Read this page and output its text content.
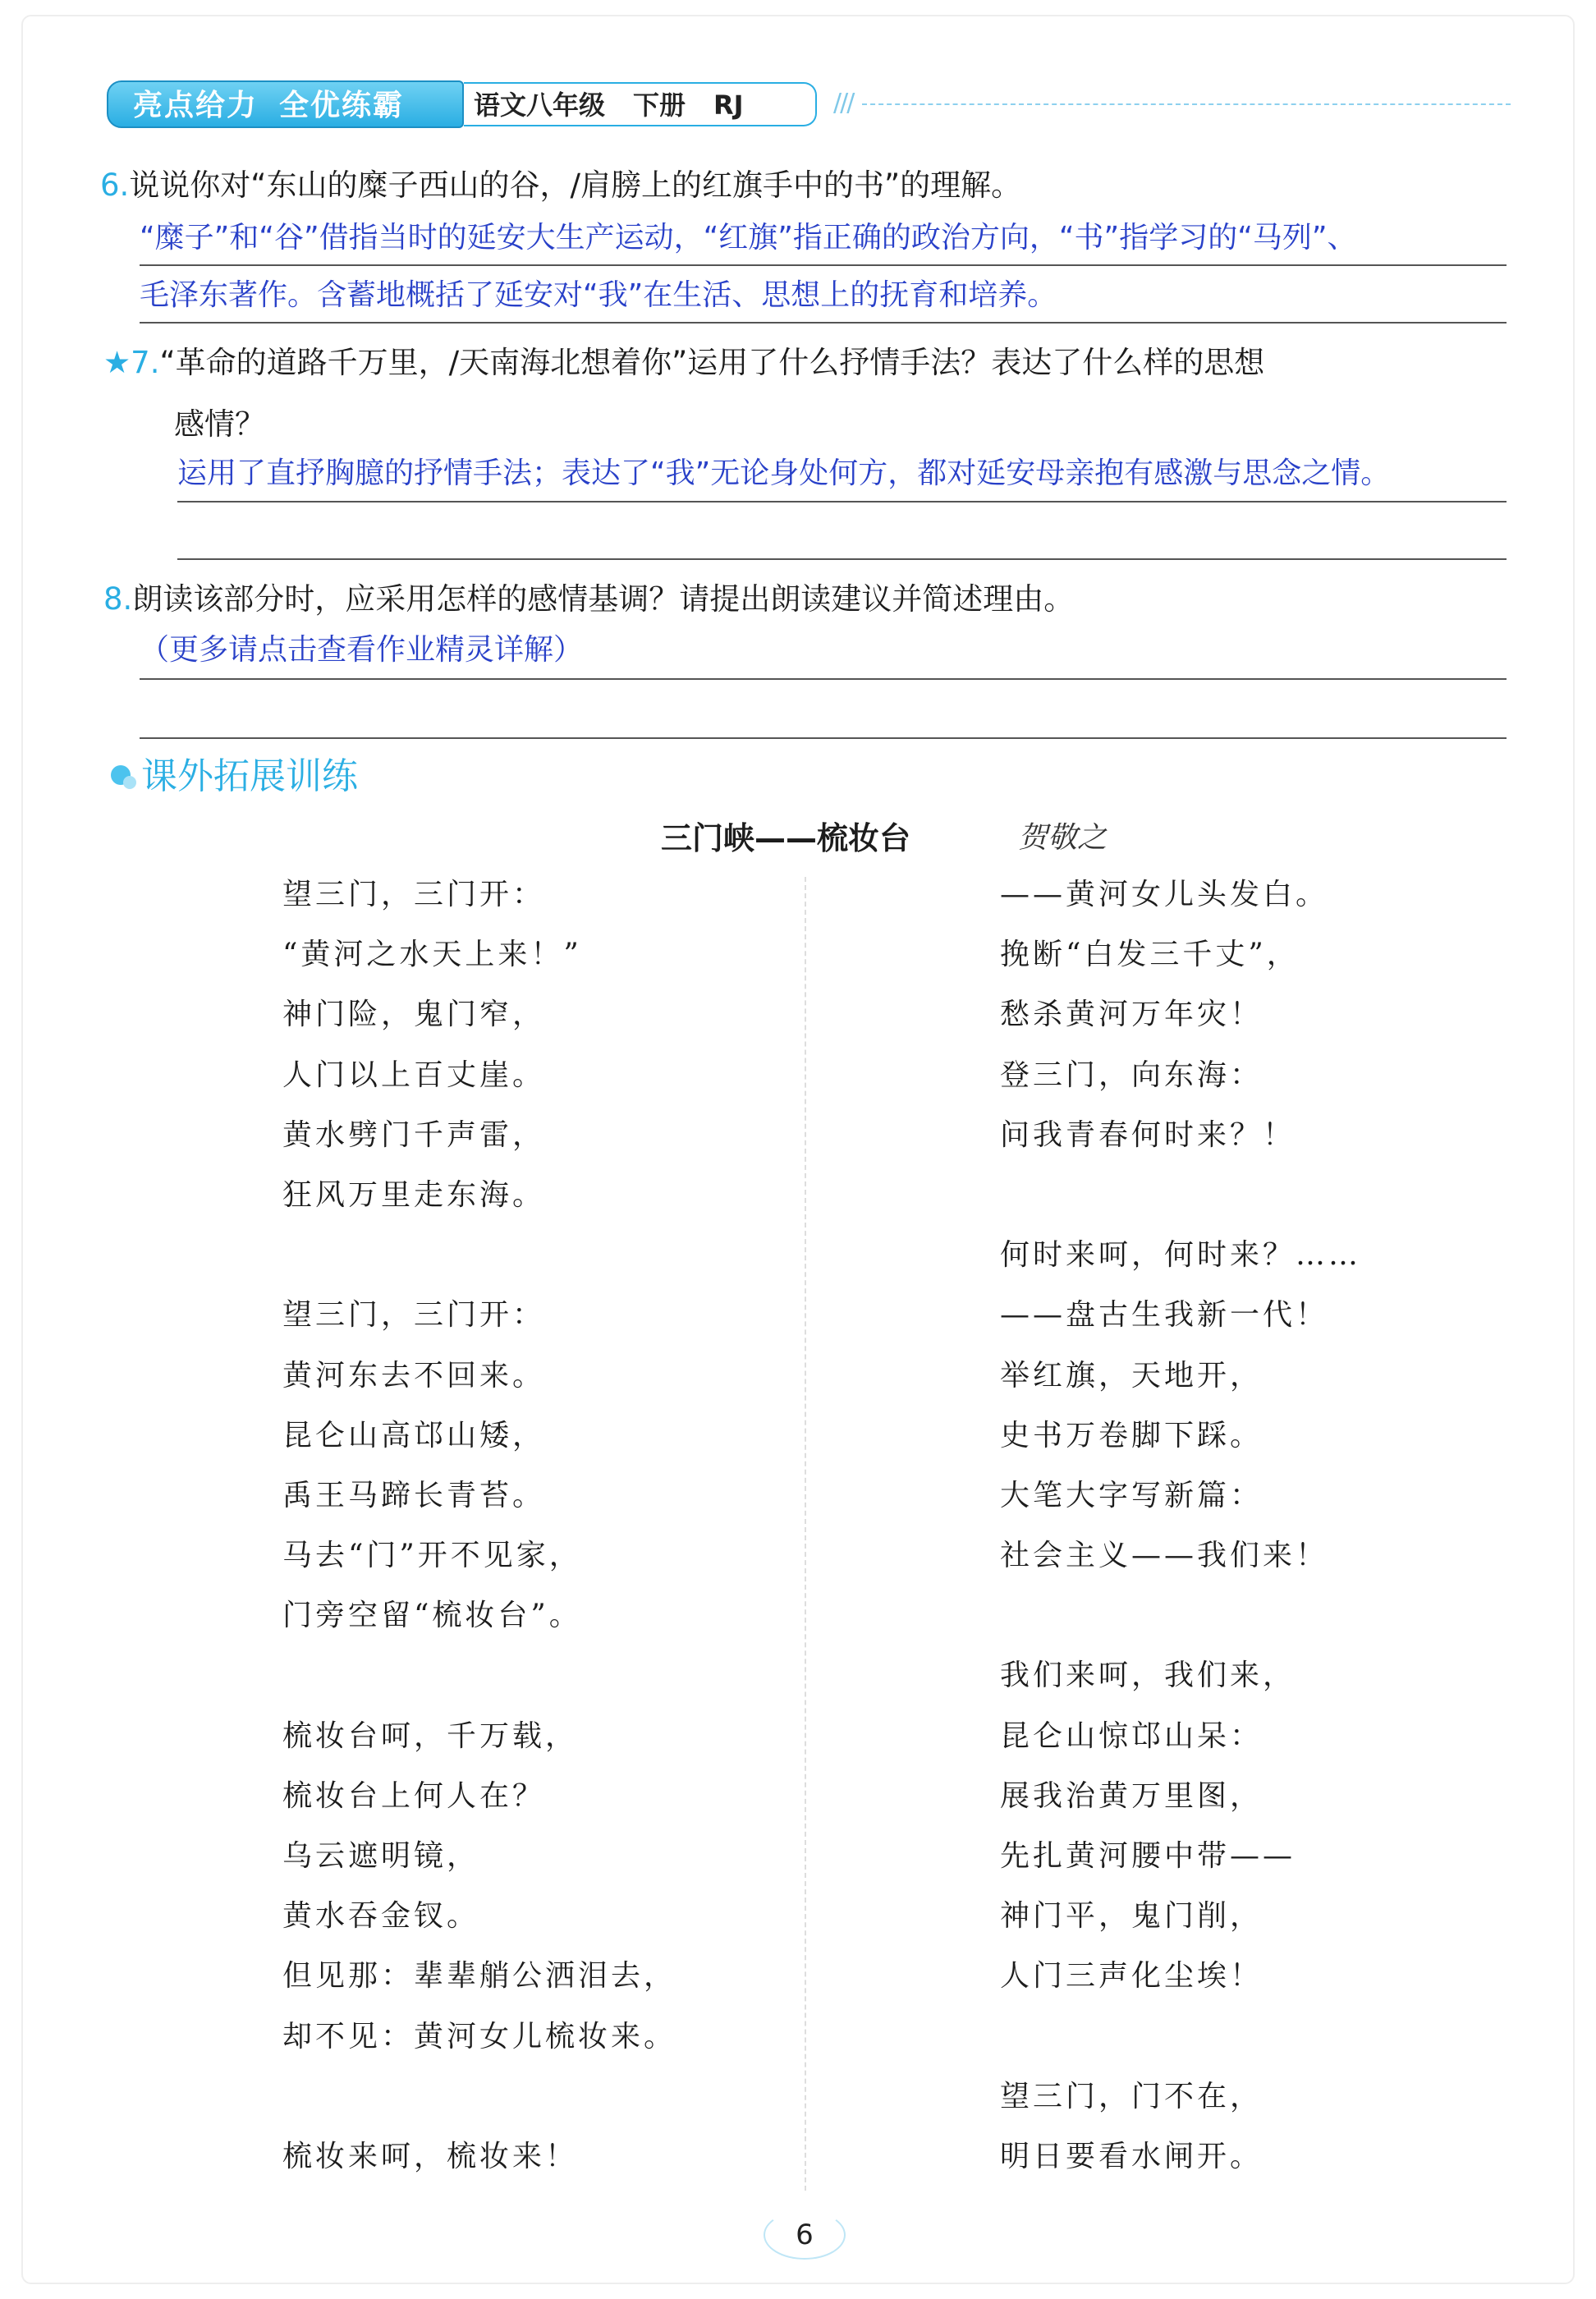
亮点给力 全优练霸	语文八年级 下册 RJ	///
6.说说你对“东山的糜子西山的谷，/肩膀上的红旗手中的书”的理解。
“糜子”和“谷”借指当时的延安大生产运动，“红旗”指正确的政治方向，“书”指学习的“马列”、
毛泽东著作。含蓄地概括了延安对“我”在生活、思想上的抚育和培养。
★7.“革命的道路千万里，/天南海北想着你”运用了什么抒情手法？表达了什么样的思想
感情？
运用了直抒胸臆的抒情手法；表达了“我”无论身处何方，都对延安母亲抱有感激与思念之情。
8.朗读该部分时，应采用怎样的感情基调？请提出朗读建议并简述理由。
（更多请点击查看作业精灵详解）
课外拓展训练
三门峡——梳妆台	贺敬之
望三门，三门开：
“黄河之水天上来！”
神门险，鬼门窄，
人门以上百丈崖。
黄水劈门千声雷，
狂风万里走东海。
望三门，三门开：
黄河东去不回来。
昆仑山高邙山矮，
禹王马蹄长青苔。
马去“门”开不见家，
门旁空留“梳妆台”。
梳妆台呵，千万载，
梳妆台上何人在？
乌云遮明镜，
黄水吞金钗。
但见那：辈辈艄公洒泪去，
却不见：黄河女儿梳妆来。
梳妆来呵，梳妆来！
——黄河女儿头发白。
挽断“白发三千丈”，
愁杀黄河万年灾！
登三门，向东海：
问我青春何时来？！
何时来呵，何时来？……
——盘古生我新一代！
举红旗，天地开，
史书万卷脚下踩。
大笔大字写新篇：
社会主义——我们来！
我们来呵，我们来，
昆仑山惊邙山呆：
展我治黄万里图，
先扎黄河腰中带——
神门平，鬼门削，
人门三声化尘埃！
望三门，门不在，
明日要看水闸开。
6
